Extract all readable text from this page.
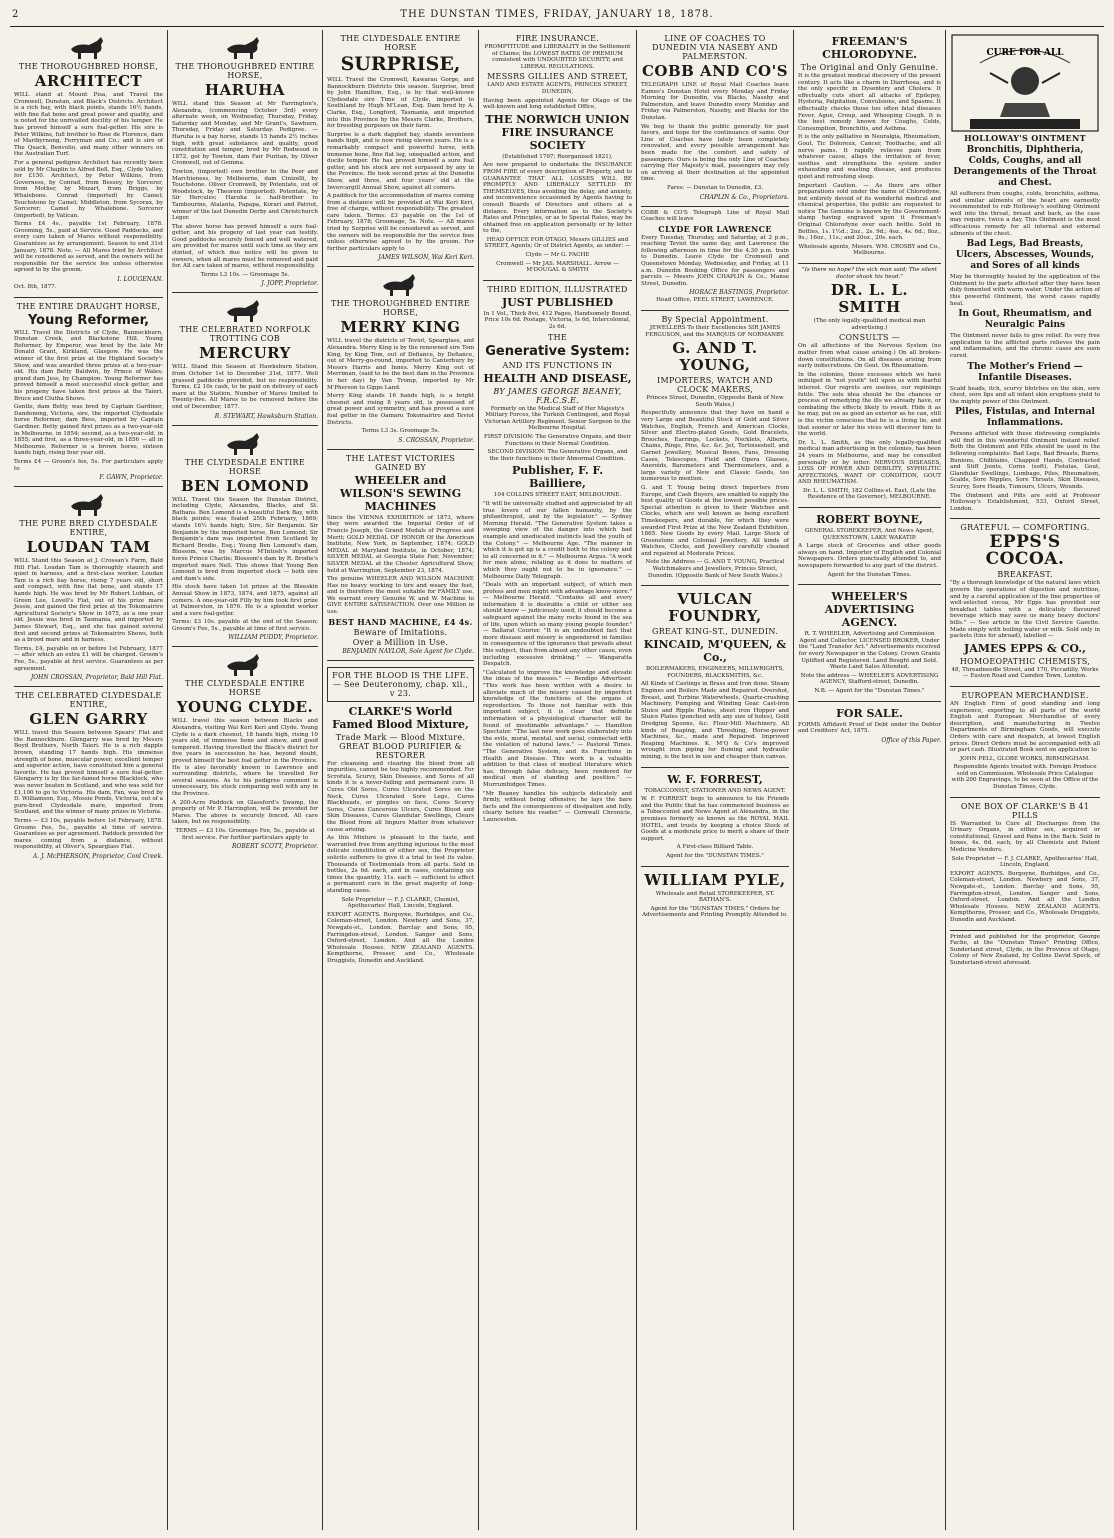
2	THE DUNSTAN TIMES, FRIDAY, JANUARY 18, 1878.
THE THOROUGHBRED HORSE,
ARCHITECT

WILL stand at Mount Pisa, and Travel the Cromwell, Dunstan, and Black's Districts. Architect is a rich bay, with black points, stands 16½ hands, with fine flat bone and great power and quality, and is noted for the unrivalled docility of his temper. He has proved himself a sure foal-getter. His sire is Peter Wilkins, full brother to Rose de Florence, dam of Maribyrnong, Ferryman and Co.; and is sire of The Quack, Benvolio, and many other winners on the Australian Turf.

For a general pedigree Architect has recently been sold by Mr Chaplin to Alfred Bell, Esq., Clyde Valley, for £150. Architect, by Peter Wilkins, from Governess, by Conrad, from Bessey, by Sorcerer, from Mother, by Mozart, from Briggs, by Whalebone. Conrad (imported) by Camel; Touchstone by Camel; Middleton, from Sycorax, by Sorcerer; Camel by Whalebone. Sorcerer (imported), by Vatican.

Terms £4 4s., payable 1st February, 1878. Grooming, 5s., paid at Service. Good Paddocks, and every care taken of Mares without responsibility. Guarantees as by arrangement. Season to end 31st January, 1878. Note. — All Mares tried by Architect will be considered as served, and the owners will be responsible for the service fee unless otherwise agreed to by the groom.

I. LOUGENAN.

Oct. 8th, 1877.

THE ENTIRE DRAUGHT HORSE,
Young Reformer,

WILL Travel the Districts of Clyde, Bannockburn, Dunstan Creek, and Blackstone Hill. Young Reformer, by Emperor, was bred by the late Mr Donald Grant, Kirkland, Glasgow. He was the winner of the first prize at the Highland Society's Show, and was awarded three prizes at a two-year-old. His dam Betty Baldwin, by Prince of Wales; grand dam Jess, by Champion. Young Reformer has proved himself a most successful stock getter, and his progeny have taken first prizes at the Taieri, Bruce and Clutha Shows.

Gentle, dam Betty, was bred by Captain Gardiner, Dandenong, Victoria, sire, the imported Clydesdale horse Reformer, dam Bess, imported by Captain Gardiner. Betty gained first prizes as a two-year-old in Melbourne, in 1854; second, as a two-year-old, in 1855; and first, as a three-year-old, in 1856 — all in Melbourne. Reformer is a brown horse, sixteen hands high, rising four year old.

Terms £4 — Groom's fee, 5s. For particulars apply to

F. GAWN, Proprietor.
THE PURE BRED CLYDESDALE ENTIRE,
LOUDAN TAM

WILL Stand this Season at J. Crossan's Farm, Bald Hill Flat. Loudan Tam is thoroughly staunch and quiet in harness, and a first-class worker. Loudan Tam is a rich bay horse, rising 7 years old, short and compact, with fine flat bone, and stands 17 hands high. He was bred by Mr Robert Lobban, of Green Lee, Lovell's Flat, out of his prize mare Jessie, and gained the first prize at the Tokomairiro Agricultural Society's Show in 1875, as a one year old. Jessie was bred in Tasmania, and imported by James Stewart, Esq., and she has gained several first and second prizes at Tokomairiro Shows, both as a brood mare and in harness.

Terms, £4, payable on or before 1st February, 1877 — after which an extra £1 will be charged. Groom's Fee, 5s., payable at first service. Guarantees as per agreement.

JOHN CROSSAN, Proprietor, Bald Hill Flat.
THE CELEBRATED CLYDESDALE ENTIRE,
GLEN GARRY

WILL travel this Season between Spears' Flat and the Bannockburn. Glengarry was bred by Messrs Boyd Brothers, North Taieri. He is a rich dapple brown, standing 17 hands high. His immense strength of bone, muscular power, excellent temper and superior action, have constituted him a general favorite. He has proved himself a sure foal-getter. Glengarry is by the far-famed horse Blacklock, who was never beaten in Scotland, and who was sold for £1,100 to go to Victoria. His dam, Fan, was bred by D. Williamson, Esq., Mossie Ponds, Victoria, out of a pure-bred Clydesdale mare, imported from Scotland, and the winner of many prizes in Victoria.

Terms — £3 10s, payable before 1st February, 1878. Grooms Fee, 5s., payable at time of service. Guarantees as per agreement. Paddock provided for mares coming from a distance, without responsibility, at Oliver's, Spearglass Flat.

A. J. McPHERSON, Proprietor, Conl Creek.
THE THOROUGHBRED ENTIRE HORSE,
HARUHA

WILL stand this Season at Mr Farrington's, Alexandra, (commencing October 3rd) every alternate week, on Wednesday, Thursday, Friday, Saturday and Monday, and Mr Grant's, Sawburn, Thursday, Friday and Saturday. Pedigree. — Haruha is a bay horse, stands 15 hands 2½ inches high, with great substance and quality, good constitution and temper, bred by Mr Redwood in 1872, got by Towton, dam Fair Puritan, by Oliver Cromwell, out of Gemma.

Towton, (imported) own brother to the Peer and Marchioness, by Melbourne, dam Cinizelli, by Touchstone. Oliver Cromwell, by Potentate, out of Woodstock, by Theorem (imported). Potentate, by Sir Hercules; Haruha is half-brother to Tambourine, Atalanta, Papapa, Korari and Patriot, winner of the last Dunedin Derby and Christchurch Leger.

The above horse has proved himself a sure foal-getter, and his progeny of last year can testify. Good paddocks securely fenced and well watered, are provided for mares until such time as they are stinted, of which due notice will be given to owners, when all mares must be removed and paid for. All care taken of mares, without responsibility.

Terms L3 10s. — Groomage 5s.

J. JOPP, Proprietor.
THE CELEBRATED NORFOLK TROTTING COB
MERCURY

WILL Stand this Season at Hawksburn Station, from October 1st to December 31st, 1877. Well grassed paddocks provided, but no responsibility. Terms, £2 10s cash, to be paid on delivery of each mare at the Station. Number of Mares limited to Twenty-five. All Mares to be removed before the end of December, 1877.

R. STEWART, Hawksburn Station.
THE CLYDESDALE ENTIRE HORSE
BEN LOMOND

WILL Travel this Season the Dunstan District, including Clyde, Alexandra, Blacks, and St. Bathans. Ben Lomond is a beautiful Dark Bay, with black points; was foaled 25th February, 1869; stands 16½ hands high; Sire, Sir Benjamin. Sir Benjamin by the imported horse, Ben Lomond; Sir Benjamin's dam was imported from Scotland by Richard Brodie, Esq.; Young Ben Lomond's dam, Blossom, was by Marcus M'Intosh's imported horse Prince Charlie; Blossom's dam by R. Brodie's imported mare Nell. This shows that Young Ben Lomond is bred from imported stock — both sire and dam's side.

His stock have taken 1st prizes at the Bleeskin Annual Show in 1873, 1874, and 1875, against all comers. A one-year-old Filly by him took first prize at Palmerston, in 1876. He is a splendid worker and a sure foal-getter.

Terms: £3 10s. payable at the end of the Season; Groom's Fee, 5s., payable at time of first service.

WILLIAM PUDDY, Proprietor.
THE CLYDESDALE ENTIRE HORSE
YOUNG CLYDE.

WILL travel this season between Blacks and Alexandra, visiting Wai Keri Keri and Clyde. Young Clyde is a dark chesnut, 18 hands high, rising 10 years old, of immense bone and sinew, and good tempered. Having travelled the Black's district for five years in succession he has, beyond doubt, proved himself the best foal getter in the Province. He is also favorably known in Lawrence and surrounding districts, where he travelled for several seasons. As to his pedigree comment is unnecessary, his stock comparing well with any in the Province.

A 200-Acre Paddock on Glassford's Swamp, the property of Mr P. Harrington, will be provided for Mares. The above is securely fenced. All care taken, but no responsibility.

TERMS — £3 10s. Groomage Fee, 5s., payable at first service. For further particulars apply to

ROBERT SCOTT, Proprietor.
THE CLYDESDALE ENTIRE HORSE
SURPRISE,

WILL Travel the Cromwell, Kawarau Gorge, and Bannockburn Districts this season. Surprise, bred by John Hamilton, Esq., is by that well-known Clydesdale sire Time of Clyde, imported to Southland by Hugh M'Lean, Esq. Dam bred by A. Clarke, Esq., Longford, Tasmania, and imported into this Province by the Messrs Clarke, Brothers, for breeding purposes on their farm.

Surprise is a dark dappled bay, stands seventeen hands high, and is now rising eleven years. He is a remarkably compact and powerful horse, with immense bone, fine flat leg, unequalled action, and docile temper. He has proved himself a sure foal getter, and his stock are not surpassed by any in the Province. He took second prize at the Dunedin Show, and three, and four years' old at the Invercargill Annual Show, against all comers.

A paddock for the accommodation of mares coming from a distance will be provided at Wai Keri Keri, free of charge, without responsibility. The greatest care taken. Terms: £3 payable on the 1st of February, 1878; Groomage, 5s. Note. — All mares tried by Surprise will be considered as served, and the owners will be responsible for the service fees unless otherwise agreed to by the groom. For further particulars apply to

JAMES WILSON, Wai Keri Keri.
THE THOROUGHBRED ENTIRE HORSE,
MERRY KING

WILL travel the districts of Teviot, Spearglass, and Alexandra. Merry King is by the renowned sire Tom King, by King Tom, out of Defiance, by Defiance, out of Merry-go-round, imported to Canterbury by Messrs Harris and Innes. Merry King out of Merriman, (said to be the best dam in the Province in her day) by Van Tromp, imported by Mr M'Pherson to Gipps Land.

Merry King stands 16 hands high, is a bright chesnut and rising 8 years old, is possessed of great power and symmetry, and has proved a sure foal getter in the Oamaru Tokomairiro and Teviot Districts.

Terms L3 3s. Groomage 5s.

S. CROSSAN, Proprietor.
THE LATEST VICTORIES GAINED BY
WHEELER and WILSON'S SEWING MACHINES

Since the VIENNA EXHIBITION of 1873, where they were awarded the Imperial Order of of Francis Joseph, the Grand Medals of Progress and Merit; GOLD MEDAL OF HONOR Of the American Institute, New York, in September, 1874; GOLD MEDAL at Maryland Institute, in October, 1874; SILVER MEDAL at Georgia State Fair, November; SILVER MEDAL at the Chester Agricultural Show, held at Warrington, September 23, 1874.

The genuine WHEELER AND WILSON MACHINE Has no heavy working to tire and weary the feet, and is therefore the most suitable for FAMILY use. We warrant every Genuine W. and W. Machine to GIVE ENTIRE SATISFACTION. Over one Million in use.

BEST HAND MACHINE, £4 4s.
Beware of Imitations.
Over a Million in Use.
BENJAMIN NAYLOR, Sole Agent for Clyde.
FOR THE BLOOD IS THE LIFE. — See Deuteronomy, chap. xii., v 23.
CLARKE'S World Famed Blood Mixture,
Trade Mark — Blood Mixture. GREAT BLOOD PURIFIER & RESTORER

For cleansing and clearing the blood from all impurities, cannot be too highly recommended. For Scrofula, Scurvy, Skin Diseases, and Sores of all kinds it is a never-failing and permanent cure. It Cures Old Sores, Cures Ulcerated Sores on the Neck, Cures Ulcerated Sore Legs, Cures Blackheads, or pimples on face, Cures Scurvy Sores, Cures Cancerous Ulcers, Cures Blood and Skin Diseases, Cures Glandular Swellings, Clears the Blood from all Impure Matter from whatever cause arising.

As this Mixture is pleasant to the taste, and warranted free from anything injurious to the most delicate constitution of either sex, the Proprietor solicits sufferers to give it a trial to test its value. Thousands of Testimonials from all parts. Sold in bottles, 2s 6d. each, and in cases, containing six times the quantity, 11s. each — sufficient to effect a permanent cure in the great majority of long-standing cases.

Sole Proprietor — F. J. CLARKE, Chemist, Apothecaries' Hall, Lincoln, England.

EXPORT AGENTS. Burgoyne, Burbidges, and Co., Coleman-street, London. Newbery and Sons, 37, Newgate-st., London. Barclay and Sons, 95, Farringdon-street, London. Sanger and Sons, Oxford-street, London. And all the London Wholesale Houses. NEW ZEALAND AGENTS. Kempthorne, Prosser, and Co., Wholesale Druggists, Dunedin and Auckland.

FIRE INSURANCE.

PROMPTITUDE and LIBERALITY in the Settlement of Claims; the LOWEST RATES OF PREMIUM consistent with UNDOUBTED SECURITY; and LIBERAL REGULATIONS.

MESSRS GILLIES AND STREET,

LAND AND ESTATE AGENTS, PRINCES STREET, DUNEDIN,

Having been appointed Agents for Otago of the well-known and long established Office,

THE NORWICH UNION FIRE INSURANCE SOCIETY

(Established 1797; Reorganised 1821),

Are now prepared to undertake the INSURANCE FROM FIRE of every description of Property, and to GUARANTEE THAT ALL LOSSES WILL BE PROMPTLY AND LIBERALLY SETTLED BY THEMSELVES, thus avoiding the delay, and anxiety, and inconvenience occasioned by Agents having to consult Boards of Directors and others at a distance. Every information as to the Society's Rates and Principles, or as to Special Rates, may be obtained free on application personally or by letter to the,

HEAD OFFICE FOR OTAGO, Messrs GILLIES and STREET, Agents; Or of District Agents, as under: —

Clyde — Mr G. FACHE

Cromwell — Mr JAS. MARSHALL. Arrow — M'DOUGAL & SMITH

THIRD EDITION, ILLUSTRATED
JUST PUBLISHED

In 1 Vol., Thick 8vo, 412 Pages, Handsomely Bound, Price 10s 6d. Postage, Victoria, Is 6d, Intercolonial, 2s 6d.

THE
Generative System:
AND ITS FUNCTIONS IN
HEALTH AND DISEASE,
BY JAMES GEORGE BEANEY, F.R.C.S.E.

Formerly on the Medical Staff of Her Majesty's Military Forces, the Turkish Contingent, and Royal Victorian Artillery Regiment. Senior Surgeon to the Melbourne Hospital.

FIRST DIVISION: The Generative Organs, and their Functions in their Normal Condition.

SECOND DIVISION: The Generative Organs, and the their functions in their Abnormal Condition.

Publisher, F. F. Bailliere,

104 COLLINS STREET EAST, MELBOURNE.

"It will be universally studied and appreciated by all true lovers of our fallen humanity, by the philanthropist, and by the legislator." — Sydney Morning Herald. "The Generative System takes a sweeping view of the danger into which bad example and uneducated instincts lead the youth of the Colony." — Melbourne Age. "The manner in which it is got up is a credit both to the colony and to all concerned in it." — Melbourne Argus. "A work for men alone, relating as it does to matters of which they ought not to be in ignorance." — Melbourne Daily Telegraph.

"Deals with an important subject, of which men profess and men might with advantage know more." — Melbourne Herald. "Contains all and every information it is desirable a child or either sex should know — judiciously used, it should become a safeguard against the many rocks found in the sea of life, upon which so many young people founder." — Ballarat Courier. "It is an undoubted fact that more disease and misery is engendered in families in consequence of the ignorance that prevails about this subject, than from almost any other cause, even including excessive drinking." — Wangaratta Despatch.

"Calculated to improve the knowledge and elevate the ideas of the masses." — Bendigo Advertiser. "This work has been written with a desire to alleviate much of the misery caused by imperfect knowledge of the functions of the organs of reproduction. To those not familiar with this important subject, it is clear that definite information of a physiological character will be found of inestimable advantage." — Hamilton Spectator. "The last new work goes elaborately into the evils, moral, mental, and social, connected with the violation of natural laws." — Pastoral Times. "The Generative System, and its Functions in Health and Disease. This work is a valuable addition to that class of medical literature which has, through false delicacy, been rendered for medical men of standing and position." — Murrumbidgee Times.

"Mr Beaney handles his subjects delicately and firmly, without being offensive; he lays the bare facts and the consequences of dissipation and folly, clearly before his reader." — Cornwall Chronicle, Launceston.

LINE OF COACHES TO DUNEDIN VIA NASEBY AND PALMERSTON.
COBB AND CO'S

TELEGRAPH LINE of Royal Mail Coaches leave Eames's Dunstan Hotel every Monday and Friday Morning for Dunedin, via Blacks, Naseby and Palmerston, and leave Dunedin every Monday and Friday via Palmerston, Naseby, and Blacks for the Dunstan.

We beg to thank the public generally for past favors, and hope for the continuance of same. Our Line of Coaches have lately been completely renovated, and every possible arrangement has been made for the comfort and safety of passengers. Ours is being the only Line of Coaches carrying Her Majesty's mail, passengers may rely on arriving at their destination at the appointed time.

Fares: — Dunstan to Dunedin, £3.

CHAPLIN & Co., Proprietors.

COBB & CO'S Telegraph Line of Royal Mail Coaches will leave

CLYDE FOR LAWRENCE

Every Tuesday, Thursday, and Saturday, at 2 p.m., reaching Teviot the same day, and Lawrence the following afternoon in time for the 4.30 p.m. train to Dunedin. Leave Clyde for Cromwell and Queenstown Monday, Wednesday, and Friday, at 11 a.m. Dunedin Booking Office for passengers and parcels — Messrs JOHN CHAPLIN & Co., Manse Street, Dunedin.

HORACE BASTINGS, Proprietor.

Head Office, PEEL STREET, LAWRENCE.

By Special Appointment.

JEWELLERS To their Excellencies SIR JAMES FERGUSON, and the MARQUIS OF NORMANBY.

G. AND T. YOUNG,
IMPORTERS, WATCH AND CLOCK MAKERS,

Princes Street, Dunedin, (Opposite Bank of New South Wales,)

Respectfully announce that they have on hand a very Large and Beautiful Stock of Gold and Silver Watches, English, French and American Clocks, Silver and Electro-plated Goods, Gold Bracelets, Brooches, Earrings, Lockets, Necklets, Alberts, Chains, Rings, Pins, &c. &c. Jet, Tortoiseshell, and Garnet Jewellery, Musical Boxes, Fans, Dressing Cases, Telescopes, Field and Opera Glasses, Aneroids, Barometers and Thermometers, and a large variety of New and Classic Goods, too numerous to mention.

G. and T. Young being direct Importers from Europe, and Cash Buyers, are enabled to supply the best quality of Goods at the lowest possible prices. Special attention is given to their Watches and Clocks, which are well known as being excellent Timekeepers, and durable, for which they were awarded First Prize at the New Zealand Exhibition, 1865. New Goods by every Mail. Large Stock of Greenstone and Colonial Jewellery. All kinds of Watches, Clocks, and Jewellery carefully cleaned and repaired at Moderate Prices.

Note the Address — G. AND T. YOUNG, Practical Watchmakers and Jewellers, Princes Street, Dunedin. (Opposite Bank of New South Wales.)

VULCAN FOUNDRY,
GREAT KING-ST., DUNEDIN.
KINCAID, M'QUEEN, & Co.,

BOILERMAKERS, ENGINEERS, MILLWRIGHTS, FOUNDERS, BLACKSMITHS, &c.

All Kinds of Castings in Brass and Iron done. Steam Engines and Boilers Made and Repaired. Overshot, Breast, and Turbine Waterwheels, Quartz-crushing Machinery, Pumping and Winding Gear. Cast-iron Sluice and Ripple Plates, sheet iron Hopper and Sluice Plates (punched with any size of holes), Gold Dredging Spoons, &c. Flour-Mill Machinery. All kinds of Reaping, and Threshing, Horse-power Machines, &c., made and Repaired. Improved Reaping Machines. K. M'Q & Co's improved wrought iron piping for fluming and hydraulic mining, is the best in use and cheaper than canvas.

W. F. FORREST,

TOBACCONIST, STATIONER AND NEWS AGENT.

W. F. FORREST begs to announce to his Friends and the Public that he has commenced business as a Tobacconist and News Agent at Alexandra, in the premises formerly so known as the ROYAL MAIL HOTEL, and trusts by keeping a choice Stock of Goods at a moderate price to merit a share of their support.

A First-class Billiard Table.

Agent for the "DUNSTAN TIMES."

WILLIAM PYLE,

Wholesale and Retail STOREKEEPER, ST. BATHAN'S.

Agent for the "DUNSTAN TIMES." Orders for Advertisements and Printing Promptly Attended to.

FREEMAN'S CHLORODYNE.
The Original and Only Genuine.

It is the greatest medical discovery of the present century. It acts like a charm in Diarrhoea, and is the only specific in Dysentery and Cholera. It effectually cuts short all attacks of Epilepsy, Hysteria, Palpitation, Convulsions, and Spasms. It effectually checks those too often fatal diseases Fever, Ague, Croup, and Whooping Cough. It is the best remedy known for Coughs, Colds, Consumption, Bronchitis, and Asthma.

It is the only palliative in Neuralgia, Rheumatism, Gout, Tic Doloreux, Cancer, Toothache, and all nerve pains. It rapidly relieves pain from whatever cause, allays the irritation of fever, soothes and strengthens the system under exhausting and wasting disease, and produces quiet and refreshing sleep.

Important Caution. — As there are other preparations sold under the name of Chlorodyne, but entirely devoid of its wonderful medical and chemical properties, the public are requested to notice The Genuine is known by the Government-stamp having engraved upon it Freeman's Original Chlorodyne over each bottle. Sold in Bottles, 1s. 1½d.; 2oz., 2s. 9d.; 4oz., 4s. 6d.; 8oz., 9s.; 16oz., 11s.; and 20oz., 20s. each.

Wholesale agents, Messrs. WM. CROSBY and Co., Melbourne.

"Is there no hope? the sick man said; The silent doctor shook his head."

DR. L. L. SMITH

(The only legally-qualified medical man advertising.)

CONSULTS —

On all affections of the Nervous System (no matter from what cause arising.) On all broken-down constitutions. On all diseases arising from early indiscretions. On Gout. On Rheumatism.

In the colonies, those excesses which we have indulged in "not youth" tell upon us with fearful interest. Our regrets are useless, our repinings futile. The sole idea should be the chances or process of remedying the ills we already have, or combating the effects likely to result. Hide it as he may, put on as good an exterior as he can, still is the victim conscious that he is a living lie, and that sooner or later his vices will discover him to the world.

Dr. L. L. Smith, as the only legally-qualified medical man advertising in the colonies, has been 24 years in Melbourne, and may be consulted personally or by letter. NERVOUS DISEASES, LOSS OF POWER AND DEBILITY, SYPHILITIC AFFECTIONS, WANT OF CONDITION, GOUT AND RHEUMATISM.

Dr. L. L. SMITH, 182 Collins-st. East, (Late the Residence of the Governor), MELBOURNE.

ROBERT BOYNE,

GENERAL STOREKEEPER, And News Agent, QUEENSTOWN, LAKE WAKATIP.

A Large stock of Groceries and other goods always on hand. Importer of English and Colonial Newspapers. Orders punctually attended to, and newspapers forwarded to any part of the district.

Agent for the Dunstan Times.

WHEELER'S ADVERTISING AGENCY.

R. T. WHEELER, Advertising and Commission Agent and Collector. LICENSED BROKER, Under the "Land Transfer Act." Advertisements received for every Newspaper in the Colony. Crown Grants Uplifted and Registered. Land Bought and Sold. Waste Land Sales Attended.

Note the address — WHEELER'S ADVERTISING AGENCY, Stafford-street, Dunedin.

N.B. — Agent for the "Dunstan Times."

FOR SALE.

FORMS Affidavit Proof of Debt under the Debtor and Creditors' Act, 1875.

Office of this Paper.
CURE FOR ALL
HOLLOWAY'S OINTMENT
Bronchitis, Diphtheria, Colds, Coughs, and all Derangements of the Throat and Chest.

All sufferers from coughs, colds, bronchitis, asthma, and similar ailments of the heart are earnestly recommended to rub Holloway's soothing Ointment well into the throat, breast and back, as the case may require, twice a day. This Ointment is the most efficacious remedy for all internal and external ailments of the chest.

Bad Legs, Bad Breasts, Ulcers, Abscesses, Wounds, and Sores of all kinds

May be thoroughly healed by the application of the Ointment to the parts affected after they have been duly fomented with warm water. Under the action of this powerful Ointment, the worst cases rapidly heal.

In Gout, Rheumatism, and Neuralgic Pains

The Ointment never fails to give relief. Its very free application to the afflicted parts relieves the pain and inflammation, and the chronic cases are soon cured.

The Mother's Friend — Infantile Diseases.

Scald heads, itch, scurvy blotches on the skin, sore chest, sore lips and all infant skin eruptions yield to the mighty power of this Ointment.

Piles, Fistulas, and Internal Inflammations.

Persons afflicted with these distressing complaints will find in this wonderful Ointment instant relief. Both the Ointment and Pills should be used in the following complaints: Bad Legs, Bad Breasts, Burns, Bunions, Chilblains, Chapped Hands, Contracted and Stiff Joints, Corns (soft), Fistulas, Gout, Glandular Swellings, Lumbago, Piles, Rheumatism, Scalds, Sore Nipples, Sore Throats, Skin Diseases, Scurvy, Sore Heads, Tumours, Ulcers, Wounds.

The Ointment and Pills are sold at Professor Holloway's Establishment, 533, Oxford Street, London.

GRATEFUL — COMFORTING.
EPPS'S COCOA.
BREAKFAST.

"By a thorough knowledge of the natural laws which govern the operations of digestion and nutrition, and by a careful application of the fine properties of well-selected cocoa, Mr Epps has provided our breakfast tables with a delicately flavoured beverage which may save us many heavy doctors' bills." — See article in the Civil Service Gazette. Made simply with boiling water or milk. Sold only in packets (tins for abroad), labelled —

JAMES EPPS & CO.,
HOMOEOPATHIC CHEMISTS,

48, Threadneedle Street, and 170, Piccadilly. Works — Euston Road and Camden Town, London.

EUROPEAN MERCHANDISE.

AN English Firm of good standing and long experience, exporting to all parts of the world English and European Merchandise of every description, and manufacturing in Twelve Departments of Birmingham Goods, will execute Orders with care and despatch, at lowest English prices. Direct Orders must be accompanied with all or part cash. Illustrated Book sent on application to

JOHN PELL, GLOBE WORKS, BIRMINGHAM.

Responsible Agents treated with. Foreign Produce sold on Commission. Wholesale Price Catalogue with 200 Engravings, to be seen at the Office of the Dunstan Times, Clyde.

ONE BOX OF CLARKE'S B 41 PILLS

IS Warranted to Cure all Discharges from the Urinary Organs, in either sex, acquired or constitutional, Gravel and Pains in the Back. Sold in boxes, 4s. 6d. each, by all Chemists and Patent Medicine Vendors.

Sole Proprietor — F. J. CLARKE, Apothecaries' Hall, Lincoln, England.

EXPORT AGENTS. Burgoyne, Burbidges, and Co., Coleman-street, London. Newbery and Sons, 37, Newgate-st., London. Barclay and Sons, 95, Farringdon-street, London. Sanger and Sons, Oxford-street, London. And all the London Wholesale Houses. NEW ZEALAND AGENTS. Kempthorne, Prosser, and Co., Wholesale Druggists, Dunedin and Auckland.

Printed and published for the proprietor, George Fache, at the "Dunstan Times" Printing Office, Sunderland street, Clyde, in the Province of Otago, Colony of New Zealand, by Collins David Speck, of Sunderland-street aforesaid.
